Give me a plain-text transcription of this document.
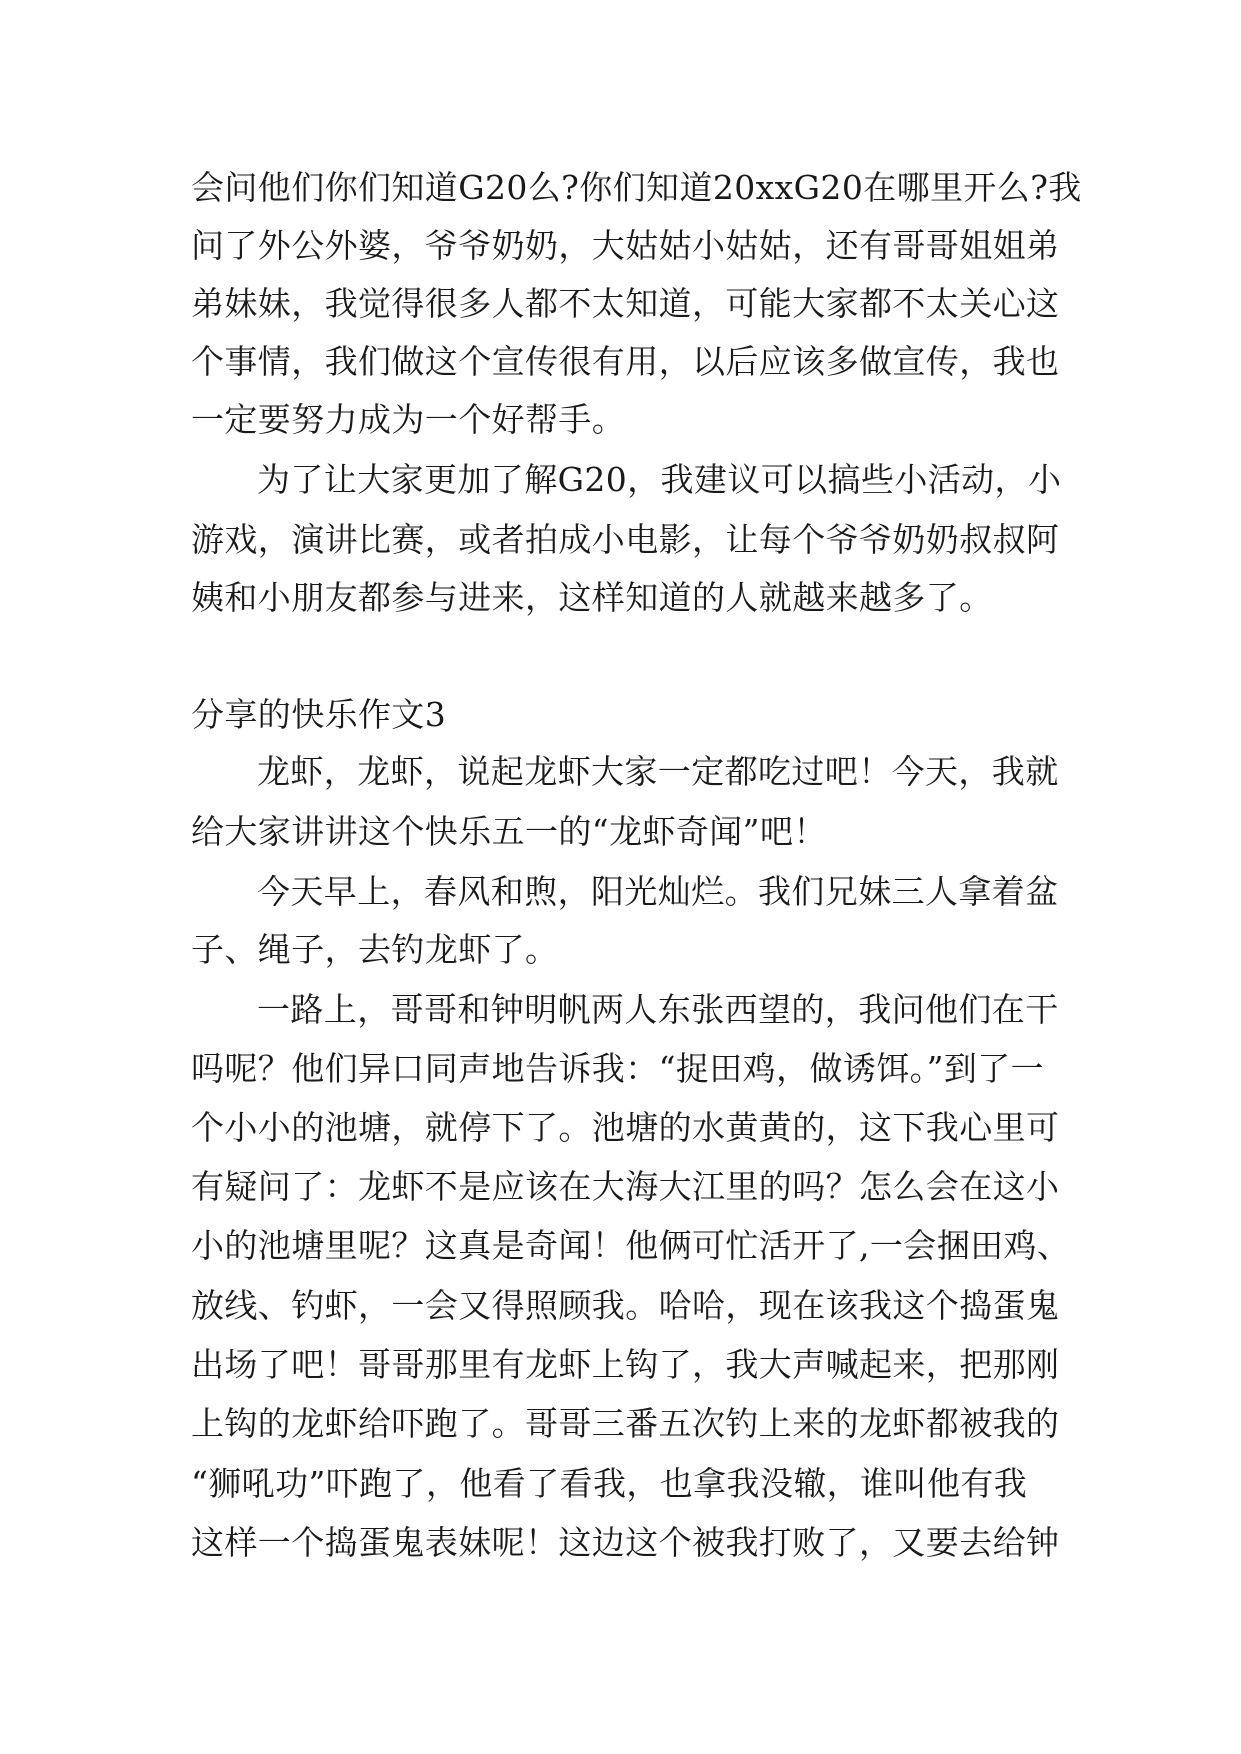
会问他们你们知道G20么?你们知道20xxG20在哪里开么?我
问了外公外婆，爷爷奶奶，大姑姑小姑姑，还有哥哥姐姐弟
弟妹妹，我觉得很多人都不太知道，可能大家都不太关心这
个事情，我们做这个宣传很有用，以后应该多做宣传，我也
一定要努力成为一个好帮手。
为了让大家更加了解G20，我建议可以搞些小活动，小
游戏，演讲比赛，或者拍成小电影，让每个爷爷奶奶叔叔阿
姨和小朋友都参与进来，这样知道的人就越来越多了。
分享的快乐作文3
龙虾，龙虾，说起龙虾大家一定都吃过吧！今天，我就
给大家讲讲这个快乐五一的“龙虾奇闻”吧！
今天早上，春风和煦，阳光灿烂。我们兄妹三人拿着盆
子、绳子，去钓龙虾了。
一路上，哥哥和钟明帆两人东张西望的，我问他们在干
吗呢？他们异口同声地告诉我：“捉田鸡，做诱饵。”到了一
个小小的池塘，就停下了。池塘的水黄黄的，这下我心里可
有疑问了：龙虾不是应该在大海大江里的吗？怎么会在这小
小的池塘里呢？这真是奇闻！他俩可忙活开了,一会捆田鸡、
放线、钓虾，一会又得照顾我。哈哈，现在该我这个捣蛋鬼
出场了吧！哥哥那里有龙虾上钩了，我大声喊起来，把那刚
上钩的龙虾给吓跑了。哥哥三番五次钓上来的龙虾都被我的
“狮吼功”吓跑了，他看了看我，也拿我没辙，谁叫他有我
这样一个捣蛋鬼表妹呢！这边这个被我打败了，又要去给钟
